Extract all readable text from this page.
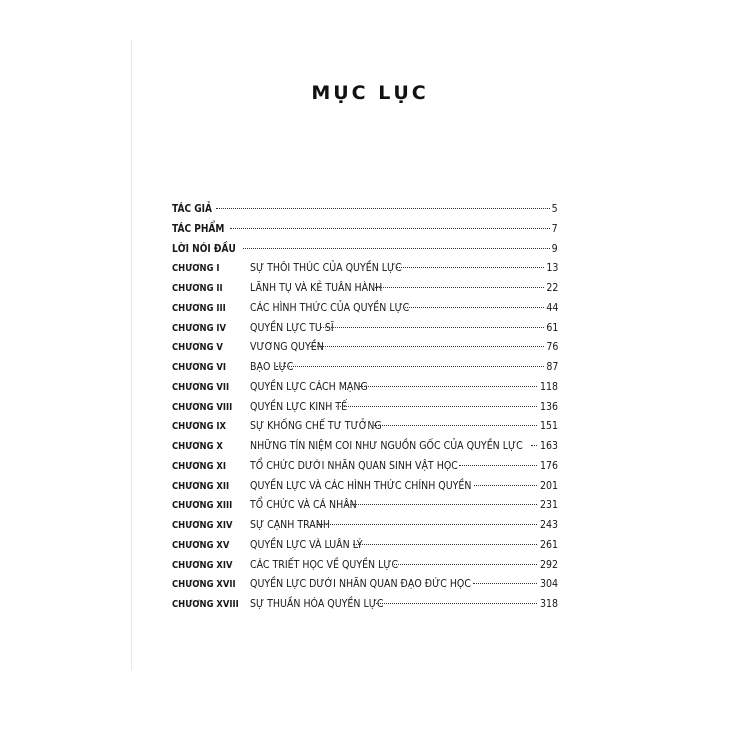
MỤC LỤC
TÁC GIẢ	5
TÁC PHẨM	7
LỜI NÓI ĐẦU	9
CHƯƠNG I	SỰ THÔI THÚC CỦA QUYỀN LỰC	13
CHƯƠNG II	LÃNH TỤ VÀ KẺ TUÂN HÀNH	22
CHƯƠNG III	CÁC HÌNH THỨC CỦA QUYỀN LỰC	44
CHƯƠNG IV	QUYỀN LỰC TU SĨ	61
CHƯƠNG V	VƯƠNG QUYỀN	76
CHƯƠNG VI	BẠO LỰC	87
CHƯƠNG VII	QUYỀN LỰC CÁCH MẠNG	118
CHƯƠNG VIII	QUYỀN LỰC KINH TẾ	136
CHƯƠNG IX	SỰ KHỐNG CHẾ TƯ TƯỞNG	151
CHƯƠNG X	NHỮNG TÍN NIỆM COI NHƯ NGUỒN GỐC CỦA QUYỀN LỰC 163
CHƯƠNG XI	TỔ CHỨC DƯỚI NHÃN QUAN SINH VẬT HỌC	176
CHƯƠNG XII	QUYỀN LỰC VÀ CÁC HÌNH THỨC CHÍNH QUYỀN	201
CHƯƠNG XIII	TỔ CHỨC VÀ CÁ NHÂN	231
CHƯƠNG XIV	SỰ CẠNH TRANH	243
CHƯƠNG XV	QUYỀN LỰC VÀ LUÂN LÝ	261
CHƯƠNG XIV	CÁC TRIẾT HỌC VỀ QUYỀN LỰC	292
CHƯƠNG XVII QUYỀN LỰC DƯỚI NHÃN QUAN ĐẠO ĐỨC HỌC	304
CHƯƠNG XVIII SỰ THUẦN HÓA QUYỀN LỰC	318
